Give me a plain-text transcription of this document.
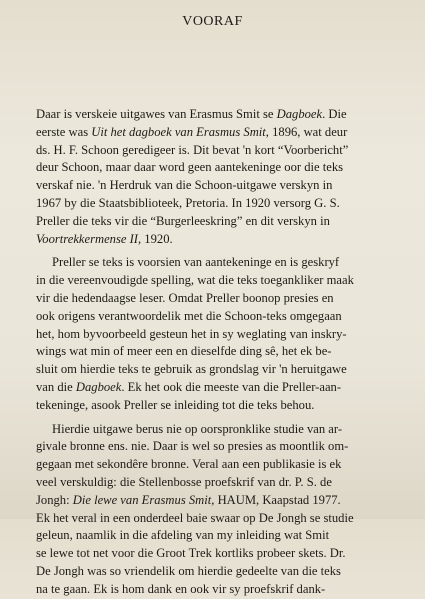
VOORAF
Daar is verskeie uitgawes van Erasmus Smit se Dagboek. Die
eerste was Uit het dagboek van Erasmus Smit, 1896, wat deur
ds. H. F. Schoon geredigeer is. Dit bevat 'n kort “Voorbericht”
deur Schoon, maar daar word geen aantekeninge oor die teks
verskaf nie. 'n Herdruk van die Schoon-uitgawe verskyn in
1967 by die Staatsbiblioteek, Pretoria. In 1920 versorg G. S.
Preller die teks vir die “Burgerleeskring” en dit verskyn in
Voortrekkermense II, 1920.
Preller se teks is voorsien van aantekeninge en is geskryf
in die vereenvoudigde spelling, wat die teks toegankliker maak
vir die hedendaagse leser. Omdat Preller boonop presies en
ook origens verantwoordelik met die Schoon-teks omgegaan
het, hom byvoorbeeld gesteun het in sy weglating van inskry-
wings wat min of meer een en dieselfde ding sê, het ek be-
sluit om hierdie teks te gebruik as grondslag vir 'n heruitgawe
van die Dagboek. Ek het ook die meeste van die Preller-aan-
tekeninge, asook Preller se inleiding tot die teks behou.
Hierdie uitgawe berus nie op oorspronklike studie van ar-
givale bronne ens. nie. Daar is wel so presies as moontlik om-
gegaan met sekondêre bronne. Veral aan een publikasie is ek
veel verskuldig: die Stellenbosse proefskrif van dr. P. S. de
Jongh: Die lewe van Erasmus Smit, HAUM, Kaapstad 1977.
Ek het veral in een onderdeel baie swaar op De Jongh se studie
geleun, naamlik in die afdeling van my inleiding wat Smit
se lewe tot net voor die Groot Trek kortliks probeer skets. Dr.
De Jongh was so vriendelik om hierdie gedeelte van die teks
na te gaan. Ek is hom dank en ook vir sy proefskrif dank-
